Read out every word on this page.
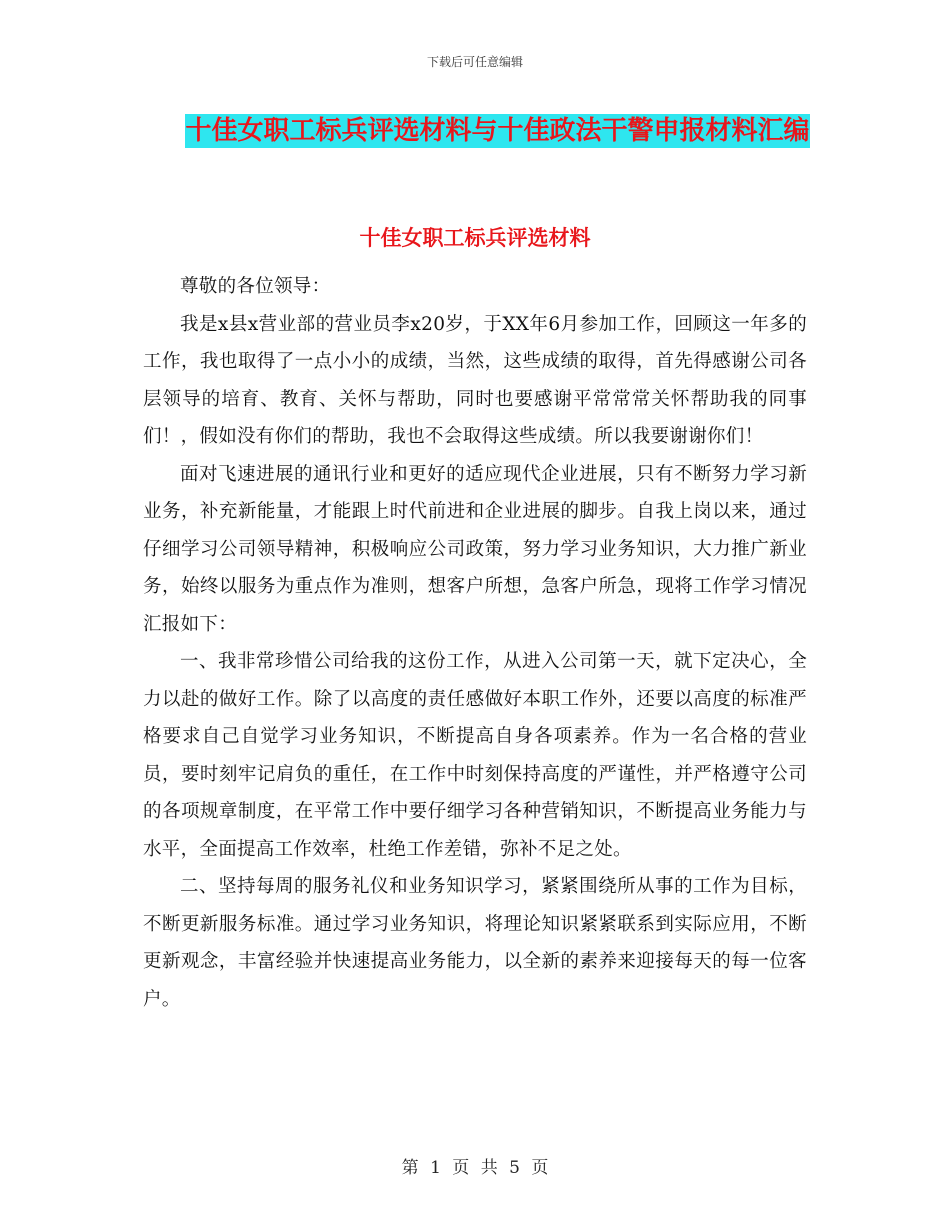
下载后可任意编辑
十佳女职工标兵评选材料与十佳政法干警申报材料汇编
十佳女职工标兵评选材料

尊敬的各位领导：

我是x县x营业部的营业员李x20岁，于XX年6月参加工作，回顾这一年多的工作，我也取得了一点小小的成绩，当然，这些成绩的取得，首先得感谢公司各层领导的培育、教育、关怀与帮助，同时也要感谢平常常常关怀帮助我的同事们！，假如没有你们的帮助，我也不会取得这些成绩。所以我要谢谢你们！

面对飞速进展的通讯行业和更好的适应现代企业进展，只有不断努力学习新业务，补充新能量，才能跟上时代前进和企业进展的脚步。自我上岗以来，通过仔细学习公司领导精神，积极响应公司政策，努力学习业务知识，大力推广新业务，始终以服务为重点作为准则，想客户所想，急客户所急，现将工作学习情况汇报如下：

一、我非常珍惜公司给我的这份工作，从进入公司第一天，就下定决心，全力以赴的做好工作。除了以高度的责任感做好本职工作外，还要以高度的标准严格要求自己自觉学习业务知识，不断提高自身各项素养。作为一名合格的营业员，要时刻牢记肩负的重任，在工作中时刻保持高度的严谨性，并严格遵守公司的各项规章制度，在平常工作中要仔细学习各种营销知识，不断提高业务能力与水平，全面提高工作效率，杜绝工作差错，弥补不足之处。

二、坚持每周的服务礼仪和业务知识学习，紧紧围绕所从事的工作为目标，不断更新服务标准。通过学习业务知识，将理论知识紧紧联系到实际应用，不断更新观念，丰富经验并快速提高业务能力，以全新的素养来迎接每天的每一位客户。

第 1 页 共 5 页
